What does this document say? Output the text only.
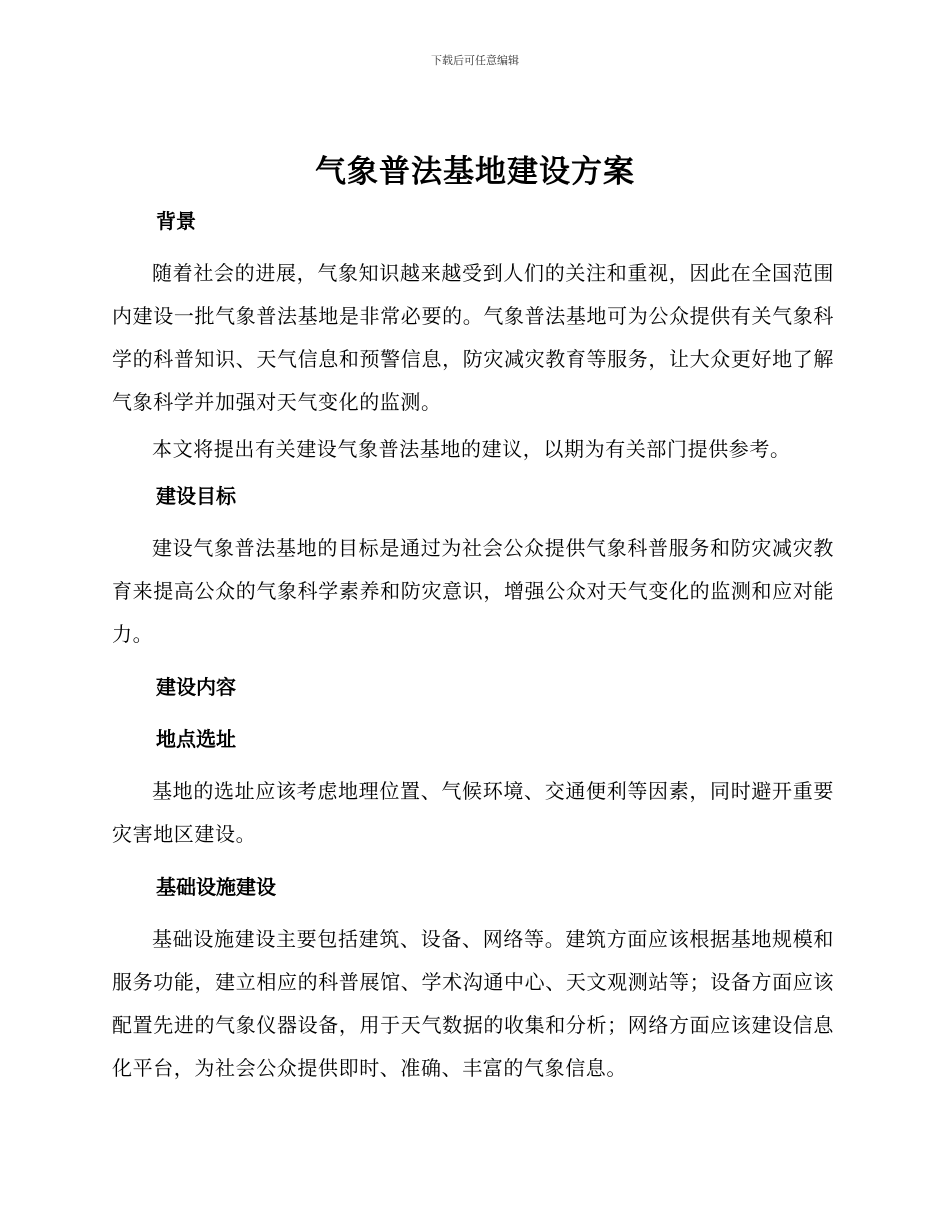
下载后可任意编辑
气象普法基地建设方案
背景

随着社会的进展，气象知识越来越受到人们的关注和重视，因此在全国范围内建设一批气象普法基地是非常必要的。气象普法基地可为公众提供有关气象科学的科普知识、天气信息和预警信息，防灾减灾教育等服务，让大众更好地了解气象科学并加强对天气变化的监测。

本文将提出有关建设气象普法基地的建议，以期为有关部门提供参考。

建设目标

建设气象普法基地的目标是通过为社会公众提供气象科普服务和防灾减灾教育来提高公众的气象科学素养和防灾意识，增强公众对天气变化的监测和应对能力。

建设内容
地点选址

基地的选址应该考虑地理位置、气候环境、交通便利等因素，同时避开重要灾害地区建设。

基础设施建设

基础设施建设主要包括建筑、设备、网络等。建筑方面应该根据基地规模和服务功能，建立相应的科普展馆、学术沟通中心、天文观测站等；设备方面应该配置先进的气象仪器设备，用于天气数据的收集和分析；网络方面应该建设信息化平台，为社会公众提供即时、准确、丰富的气象信息。
